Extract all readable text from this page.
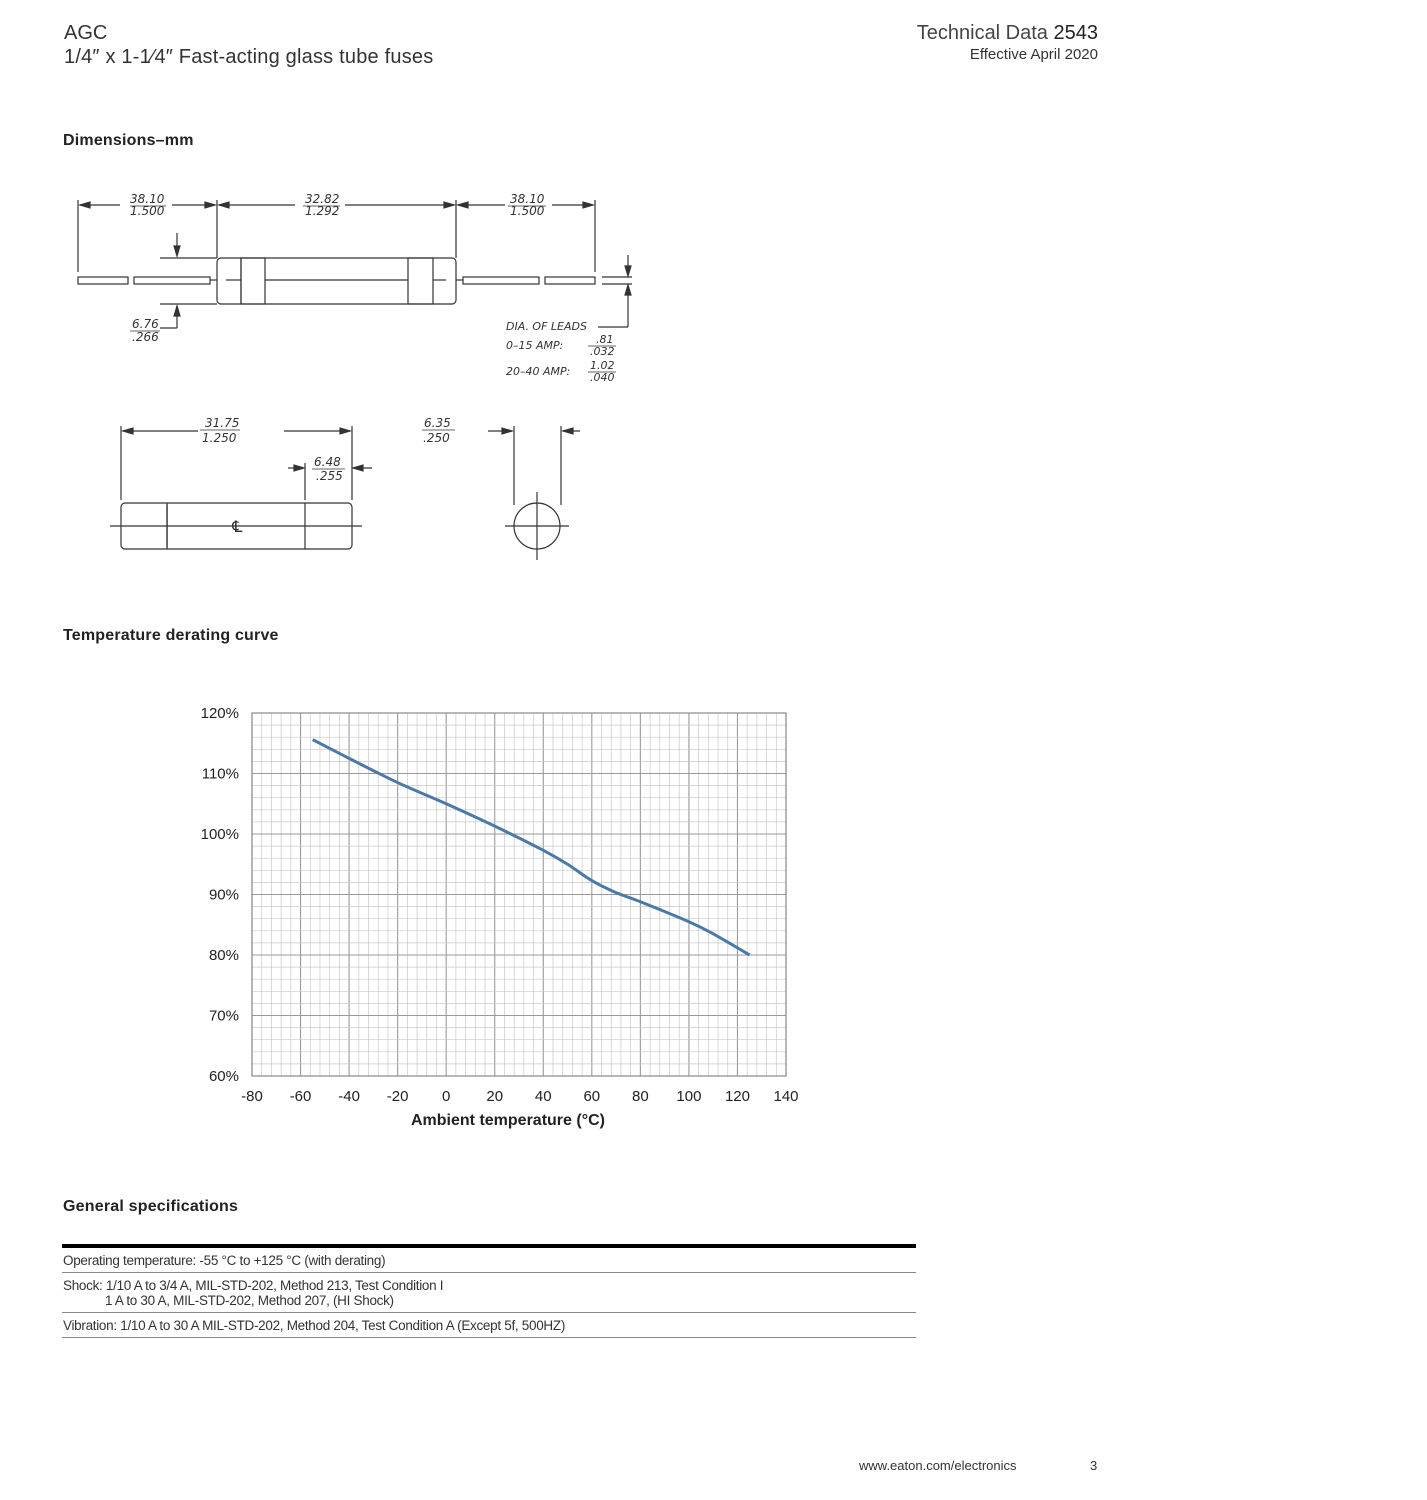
AGC
1/4″ x 1-1⁄4″ Fast-acting glass tube fuses
Technical Data 2543
Effective April 2020
Dimensions–mm
38.10
1.500
32.82
1.292
38.10
1.500
6.76
.266
DIA. OF LEADS
0–15 AMP:	.81
.032
20–40 AMP: 1.02
.040
31.75
1.250
6.48
.255
6.35
.250
℄
Temperature derating curve
60%
70%
80%
90%
100%
110%
120%
-80 -60 -40 -20 0 20 40 60 80 100 120 140
Ambient temperature (°C)
General specifications
Operating temperature: -55 °C to +125 °C (with derating)
Shock: 1/10 A to 3/4 A, MIL-STD-202, Method 213, Test Condition I
1 A to 30 A, MIL-STD-202, Method 207, (HI Shock)
Vibration: 1/10 A to 30 A MIL-STD-202, Method 204, Test Condition A (Except 5f, 500HZ)
www.eaton.com/electronics	3
